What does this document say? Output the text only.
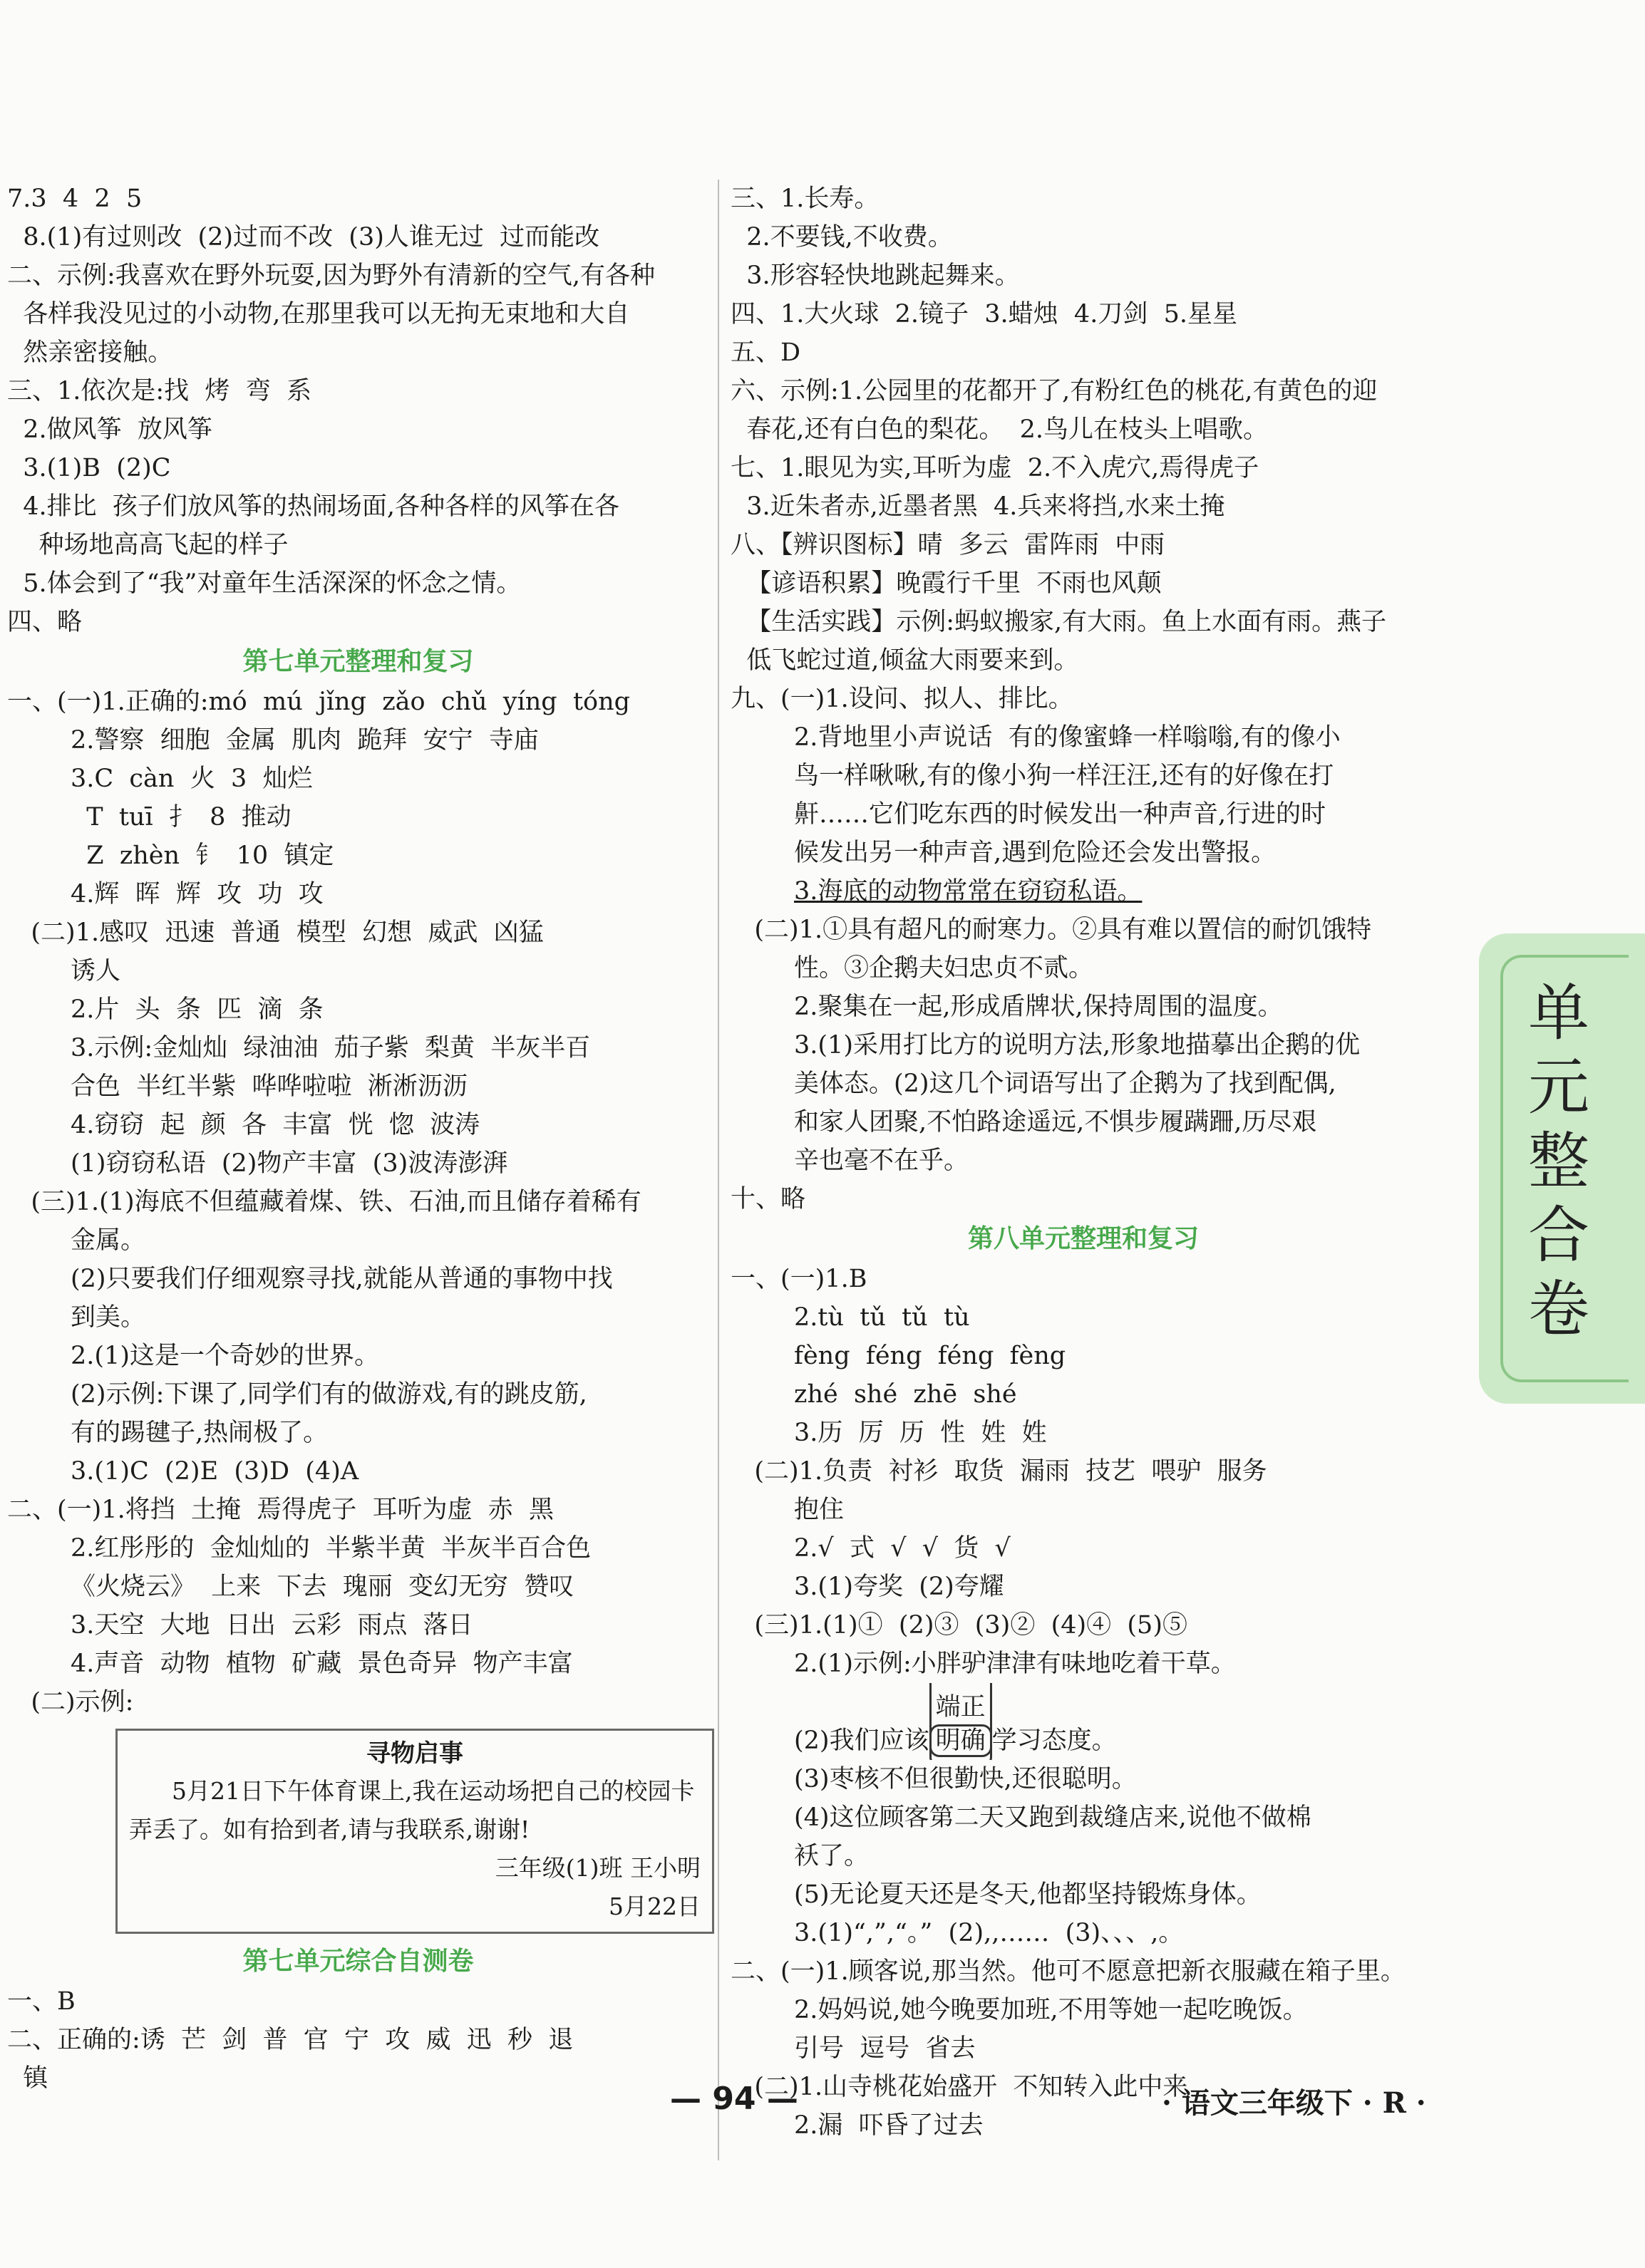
7.3  4  2  5
8.(1)有过则改  (2)过而不改  (3)人谁无过  过而能改
二、示例:我喜欢在野外玩耍,因为野外有清新的空气,有各种
各样我没见过的小动物,在那里我可以无拘无束地和大自
然亲密接触。
三、1.依次是:找  烤  弯  系
2.做风筝  放风筝
3.(1)B  (2)C
4.排比  孩子们放风筝的热闹场面,各种各样的风筝在各
种场地高高飞起的样子
5.体会到了“我”对童年生活深深的怀念之情。
四、略
第七单元整理和复习
一、(一)1.正确的:mó  mú  jǐng  zǎo  chǔ  yíng  tóng
2.警察  细胞  金属  肌肉  跪拜  安宁  寺庙
3.C  càn  火  3  灿烂
T  tuī  扌  8  推动
Z  zhèn  钅  10  镇定
4.辉  晖  辉  攻  功  攻
(二)1.感叹  迅速  普通  模型  幻想  威武  凶猛
诱人
2.片  头  条  匹  滴  条
3.示例:金灿灿  绿油油  茄子紫  梨黄  半灰半百
合色  半红半紫  哗哗啦啦  淅淅沥沥
4.窃窃  起  颜  各  丰富  恍  惚  波涛
(1)窃窃私语  (2)物产丰富  (3)波涛澎湃
(三)1.(1)海底不但蕴藏着煤、铁、石油,而且储存着稀有
金属。
(2)只要我们仔细观察寻找,就能从普通的事物中找
到美。
2.(1)这是一个奇妙的世界。
(2)示例:下课了,同学们有的做游戏,有的跳皮筋,
有的踢毽子,热闹极了。
3.(1)C  (2)E  (3)D  (4)A
二、(一)1.将挡  土掩  焉得虎子  耳听为虚  赤  黑
2.红彤彤的  金灿灿的  半紫半黄  半灰半百合色
《火烧云》  上来  下去  瑰丽  变幻无穷  赞叹
3.天空  大地  日出  云彩  雨点  落日
4.声音  动物  植物  矿藏  景色奇异  物产丰富
(二)示例:
寻物启事
5月21日下午体育课上,我在运动场把自己的校园卡弄丢了。如有拾到者,请与我联系,谢谢!
三年级(1)班 王小明
5月22日
第七单元综合自测卷
一、B
二、正确的:诱  芒  剑  普  官  宁  攻  威  迅  秒  退
镇
三、1.长寿。
2.不要钱,不收费。
3.形容轻快地跳起舞来。
四、1.大火球  2.镜子  3.蜡烛  4.刀剑  5.星星
五、D
六、示例:1.公园里的花都开了,有粉红色的桃花,有黄色的迎
春花,还有白色的梨花。  2.鸟儿在枝头上唱歌。
七、1.眼见为实,耳听为虚  2.不入虎穴,焉得虎子
3.近朱者赤,近墨者黑  4.兵来将挡,水来土掩
八、【辨识图标】晴  多云  雷阵雨  中雨
【谚语积累】晚霞行千里  不雨也风颠
【生活实践】示例:蚂蚁搬家,有大雨。鱼上水面有雨。燕子
低飞蛇过道,倾盆大雨要来到。
九、(一)1.设问、拟人、排比。
2.背地里小声说话  有的像蜜蜂一样嗡嗡,有的像小
鸟一样啾啾,有的像小狗一样汪汪,还有的好像在打
鼾……它们吃东西的时候发出一种声音,行进的时
候发出另一种声音,遇到危险还会发出警报。
3.海底的动物常常在窃窃私语。
(二)1.①具有超凡的耐寒力。②具有难以置信的耐饥饿特
性。③企鹅夫妇忠贞不贰。
2.聚集在一起,形成盾牌状,保持周围的温度。
3.(1)采用打比方的说明方法,形象地描摹出企鹅的优
美体态。(2)这几个词语写出了企鹅为了找到配偶,
和家人团聚,不怕路途遥远,不惧步履蹒跚,历尽艰
辛也毫不在乎。
十、略
第八单元整理和复习
一、(一)1.B
2.tù  tǔ  tǔ  tù
fèng  féng  féng  fèng
zhé  shé  zhē  shé
3.历  厉  历  性  姓  姓
(二)1.负责  衬衫  取货  漏雨  技艺  喂驴  服务
抱住
2.√  式  √  √  货  √
3.(1)夸奖  (2)夸耀
(三)1.(1)①  (2)③  (3)②  (4)④  (5)⑤
2.(1)示例:小胖驴津津有味地吃着干草。
(2)我们应该
端正
明确 学习态度。
(3)枣核不但很勤快,还很聪明。
(4)这位顾客第二天又跑到裁缝店来,说他不做棉
袄了。
(5)无论夏天还是冬天,他都坚持锻炼身体。
3.(1)“,”,“。”  (2),,……  (3)、、、,。
二、(一)1.顾客说,那当然。他可不愿意把新衣服藏在箱子里。
2.妈妈说,她今晚要加班,不用等她一起吃晚饭。
引号  逗号  省去
(二)1.山寺桃花始盛开  不知转入此中来
2.漏  吓昏了过去
单元整合卷
— 94 —	· 语文三年级下 · R ·
